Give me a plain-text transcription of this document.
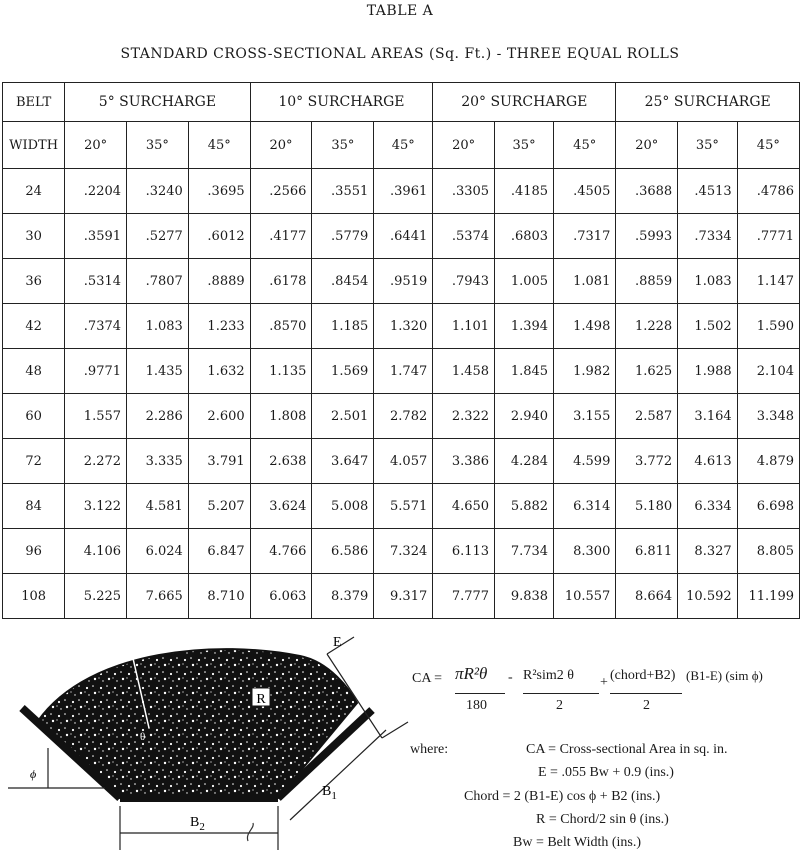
TABLE A
STANDARD CROSS-SECTIONAL AREAS (Sq. Ft.) - THREE EQUAL ROLLS
BELT	5° SURCHARGE			10° SURCHARGE			20° SURCHARGE			25° SURCHARGE		
WIDTH	20°	35°	45°	20°	35°	45°	20°	35°	45°	20°	35°	45°
24	.2204	.3240	.3695	.2566	.3551	.3961	.3305	.4185	.4505	.3688	.4513	.4786
30	.3591	.5277	.6012	.4177	.5779	.6441	.5374	.6803	.7317	.5993	.7334	.7771
36	.5314	.7807	.8889	.6178	.8454	.9519	.7943	1.005	1.081	.8859	1.083	1.147
42	.7374	1.083	1.233	.8570	1.185	1.320	1.101	1.394	1.498	1.228	1.502	1.590
48	.9771	1.435	1.632	1.135	1.569	1.747	1.458	1.845	1.982	1.625	1.988	2.104
60	1.557	2.286	2.600	1.808	2.501	2.782	2.322	2.940	3.155	2.587	3.164	3.348
72	2.272	3.335	3.791	2.638	3.647	4.057	3.386	4.284	4.599	3.772	4.613	4.879
84	3.122	4.581	5.207	3.624	5.008	5.571	4.650	5.882	6.314	5.180	6.334	6.698
96	4.106	6.024	6.847	4.766	6.586	7.324	6.113	7.734	8.300	6.811	8.327	8.805
108	5.225	7.665	8.710	6.063	8.379	9.317	7.777	9.838	10.557	8.664	10.592	11.199
R
E
ϕ
θ
$B_1$
$B_2$
CA = πR²θ -
180
R²sim2 θ +
2
(chord+B2) (B1-E) (sim ϕ)
2
where:	CA = Cross-sectional Area in sq. in.
E = .055 Bw + 0.9 (ins.)
Chord = 2 (B1-E) cos ϕ + B2 (ins.)
R = Chord/2 sin θ (ins.)
Bw = Belt Width (ins.)
